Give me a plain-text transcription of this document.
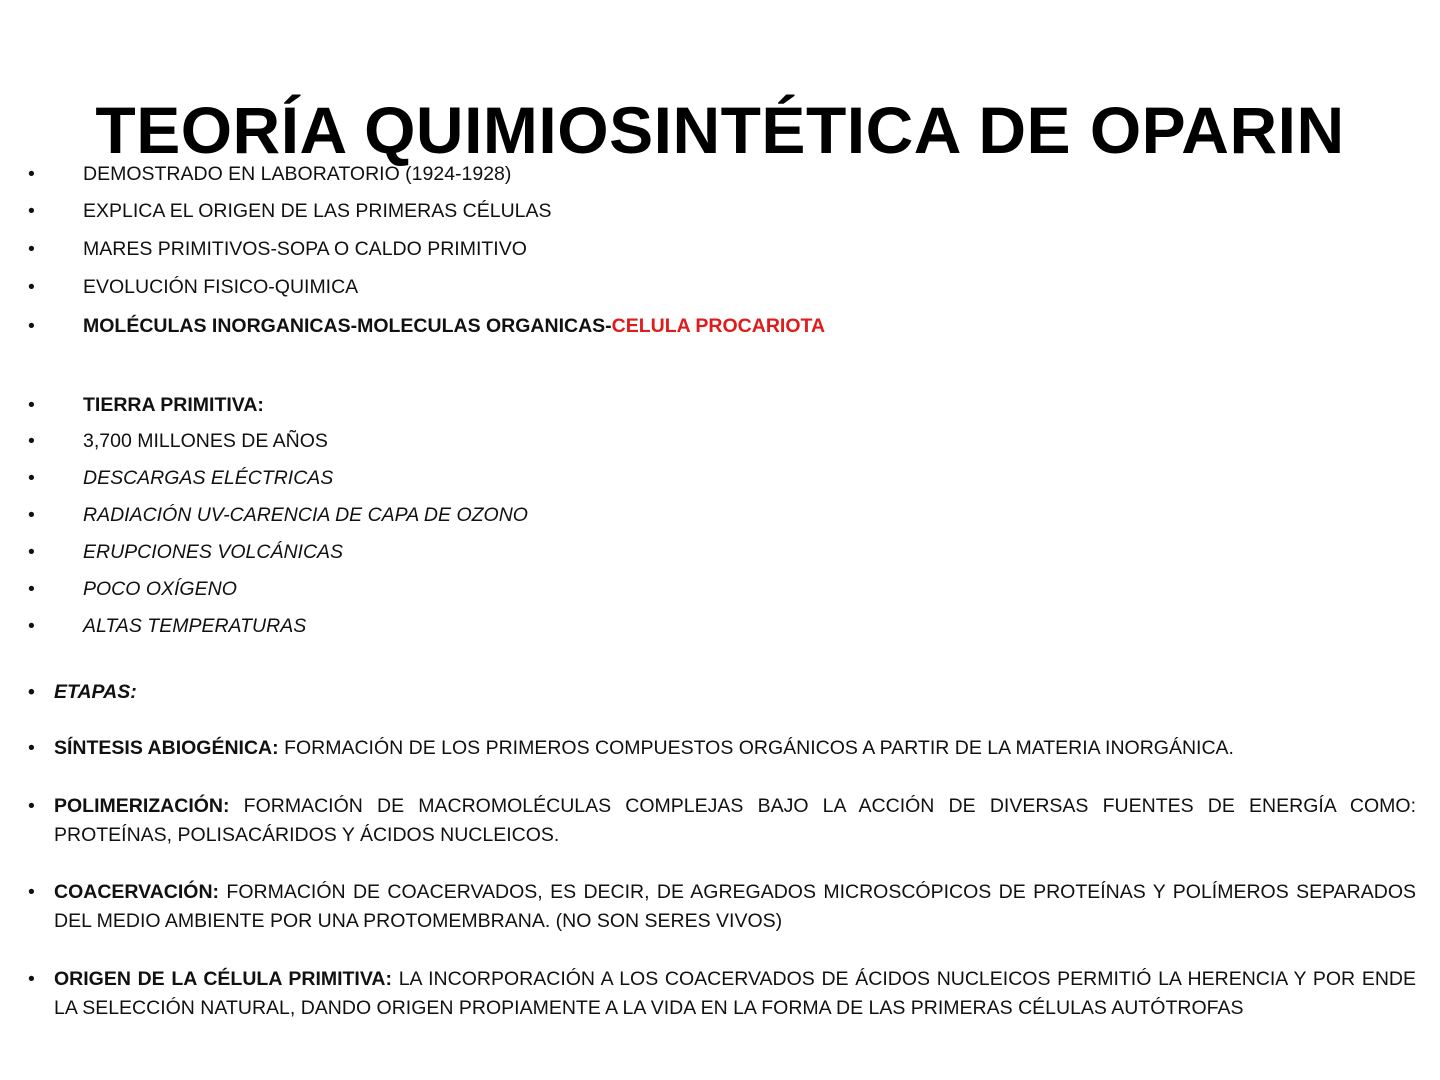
TEORÍA QUIMIOSINTÉTICA DE OPARIN
• DEMOSTRADO EN LABORATORIO (1924-1928)
• EXPLICA EL ORIGEN DE LAS PRIMERAS CÉLULAS
• MARES PRIMITIVOS-SOPA O CALDO PRIMITIVO
• EVOLUCIÓN FISICO-QUIMICA
• MOLÉCULAS INORGANICAS-MOLECULAS ORGANICAS-CELULA PROCARIOTA
• TIERRA PRIMITIVA:
• 3,700 MILLONES DE AÑOS
• DESCARGAS ELÉCTRICAS
• RADIACIÓN UV-CARENCIA DE CAPA DE OZONO
• ERUPCIONES VOLCÁNICAS
• POCO OXÍGENO
• ALTAS TEMPERATURAS
• ETAPAS:
• SÍNTESIS ABIOGÉNICA: FORMACIÓN DE LOS PRIMEROS COMPUESTOS ORGÁNICOS A PARTIR DE LA MATERIA INORGÁNICA.
• POLIMERIZACIÓN: FORMACIÓN DE MACROMOLÉCULAS COMPLEJAS BAJO LA ACCIÓN DE DIVERSAS FUENTES DE ENERGÍA COMO: PROTEÍNAS, POLISACÁRIDOS Y ÁCIDOS NUCLEICOS.
• COACERVACIÓN: FORMACIÓN DE COACERVADOS, ES DECIR, DE AGREGADOS MICROSCÓPICOS DE PROTEÍNAS Y POLÍMEROS SEPARADOS DEL MEDIO AMBIENTE POR UNA PROTOMEMBRANA. (NO SON SERES VIVOS)
• ORIGEN DE LA CÉLULA PRIMITIVA: LA INCORPORACIÓN A LOS COACERVADOS DE ÁCIDOS NUCLEICOS PERMITIÓ LA HERENCIA Y POR ENDE LA SELECCIÓN NATURAL, DANDO ORIGEN PROPIAMENTE A LA VIDA EN LA FORMA DE LAS PRIMERAS CÉLULAS AUTÓTROFAS
